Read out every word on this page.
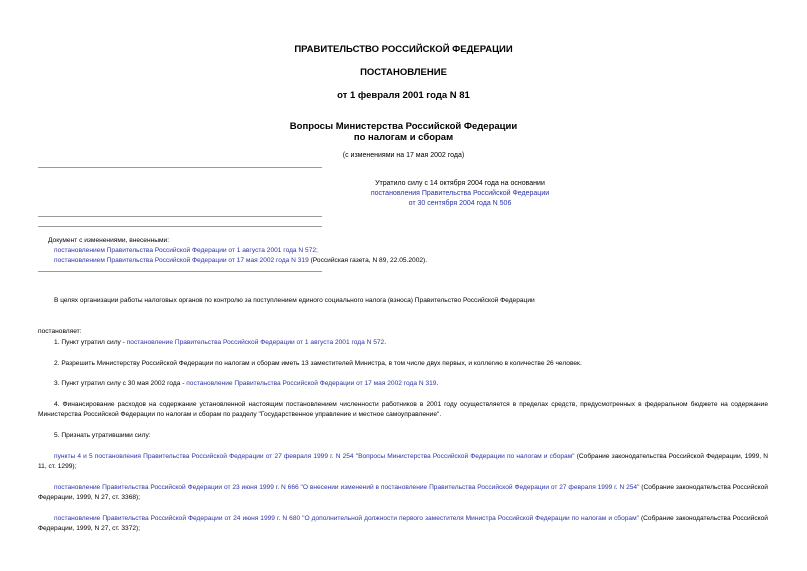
ПРАВИТЕЛЬСТВО РОССИЙСКОЙ ФЕДЕРАЦИИ
ПОСТАНОВЛЕНИЕ
от 1 февраля 2001 года N 81
Вопросы Министерства Российской Федерации
по налогам и сборам
(с изменениями на 17 мая 2002 года)
Утратило силу с 14 октября 2004 года на основании
постановления Правительства Российской Федерации
от 30 сентября 2004 года N 506
Документ с изменениями, внесенными:
постановлением Правительства Российской Федерации от 1 августа 2001 года N 572;
постановлением Правительства Российской Федерации от 17 мая 2002 года N 319 (Российская газета, N 89, 22.05.2002).
В целях организации работы налоговых органов по контролю за поступлением единого социального налога (взноса) Правительство Российской Федерации
постановляет:
1. Пункт утратил силу - постановление Правительства Российской Федерации от 1 августа 2001 года N 572.
2. Разрешить Министерству Российской Федерации по налогам и сборам иметь 13 заместителей Министра, в том числе двух первых, и коллегию в количестве 26 человек.
3. Пункт утратил силу с 30 мая 2002 года - постановление Правительства Российской Федерации от 17 мая 2002 года N 319.
4. Финансирование расходов на содержание установленной настоящим постановлением численности работников в 2001 году осуществляется в пределах средств, предусмотренных в федеральном бюджете на содержание Министерства Российской Федерации по налогам и сборам по разделу "Государственное управление и местное самоуправление".
5. Признать утратившими силу:
пункты 4 и 5 постановления Правительства Российской Федерации от 27 февраля 1999 г. N 254 "Вопросы Министерства Российской Федерации по налогам и сборам" (Собрание законодательства Российской Федерации, 1999, N 11, ст. 1299);
постановление Правительства Российской Федерации от 23 июня 1999 г. N 666 "О внесении изменений в постановление Правительства Российской Федерации от 27 февраля 1999 г. N 254" (Собрание законодательства Российской Федерации, 1999, N 27, ст. 3368);
постановление Правительства Российской Федерации от 24 июня 1999 г. N 680 "О дополнительной должности первого заместителя Министра Российской Федерации по налогам и сборам" (Собрание законодательства Российской Федерации, 1999, N 27, ст. 3372);
